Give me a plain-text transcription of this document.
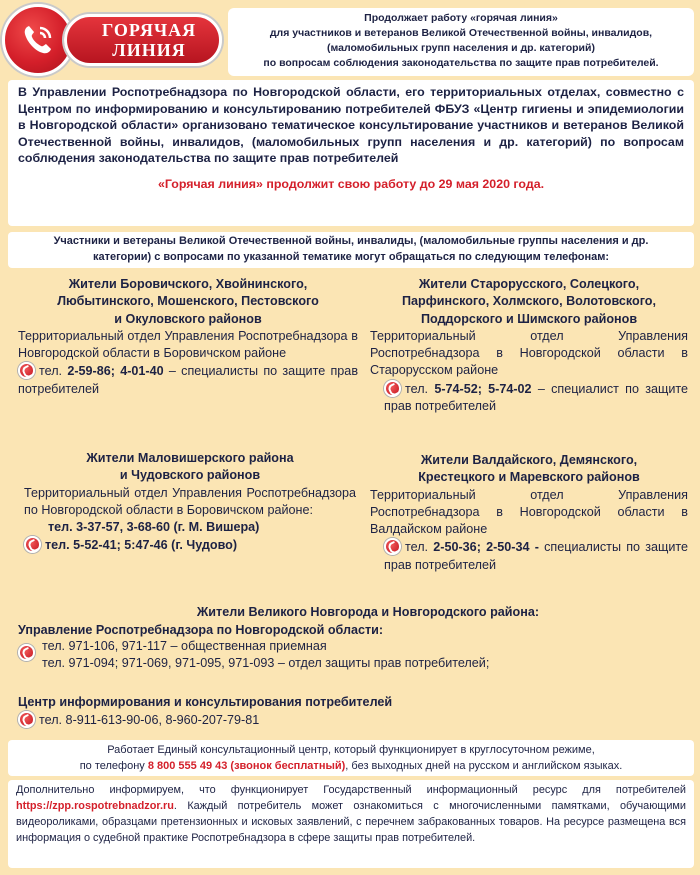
ГОРЯЧАЯ
ЛИНИЯ
Продолжает работу «горячая линия»
для участников и ветеранов Великой Отечественной войны, инвалидов,
(маломобильных групп населения и др. категорий)
по вопросам соблюдения законодательства по защите прав потребителей.

В Управлении Роспотребнадзора по Новгородской области, его территориальных отделах, совместно с Центром по информированию и консультированию потребителей ФБУЗ «Центр гигиены и эпидемиологии в Новгородской области» организовано тематическое консультирование участников и ветеранов Великой Отечественной войны, инвалидов, (маломобильных групп населения и др. категорий) по вопросам соблюдения законодательства по защите прав потребителей

«Горячая линия» продолжит свою работу до 29 мая 2020 года.

Участники и ветераны Великой Отечественной войны, инвалиды, (маломобильные группы населения и др.
категории) с вопросами по указанной тематике могут обращаться по следующим телефонам:
Жители Боровичского, Хвойнинского,
Любытинского, Мошенского, Пестовского
и Окуловского районов
Территориальный отдел Управления Роспотребнадзора в Новгородской области в Боровичском районе
тел. 2-59-86; 4-01-40 – специалисты по защите прав потребителей
Жители Старорусского, Солецкого,
Парфинского, Холмского, Волотовского,
Поддорского и Шимского районов
Территориальный отдел Управления Роспотребнадзора в Новгородской области в Старорусском районе
тел. 5-74-52; 5-74-02 – специалист по защите прав потребителей
Жители Маловишерского района
и Чудовского районов
Территориальный отдел Управления Роспотребнадзора по Новгородской области в Боровичском районе:
тел. 3-37-57, 3-68-60 (г. М. Вишера)
тел. 5-52-41; 5:47-46 (г. Чудово)
Жители Валдайского, Демянского,
Крестецкого и Маревского районов
Территориальный отдел Управления Роспотребнадзора в Новгородской области в Валдайском районе
тел. 2-50-36; 2-50-34 - специалисты по защите прав потребителей
Жители Великого Новгорода и Новгородского района:
Управление Роспотребнадзора по Новгородской области:
тел. 971-106, 971-117 – общественная приемная
тел. 971-094; 971-069, 971-095, 971-093 – отдел защиты прав потребителей;
Центр информирования и консультирования потребителей
тел. 8-911-613-90-06, 8-960-207-79-81
Работает Единый консультационный центр, который функционирует в круглосуточном режиме,
по телефону 8 800 555 49 43 (звонок бесплатный), без выходных дней на русском и английском языках.
Дополнительно информируем, что функционирует Государственный информационный ресурс для потребителей https://zpp.rospotrebnadzor.ru. Каждый потребитель может ознакомиться с многочисленными памятками, обучающими видеороликами, образцами претензионных и исковых заявлений, с перечнем забракованных товаров. На ресурсе размещена вся информация о судебной практике Роспотребнадзора в сфере защиты прав потребителей.
